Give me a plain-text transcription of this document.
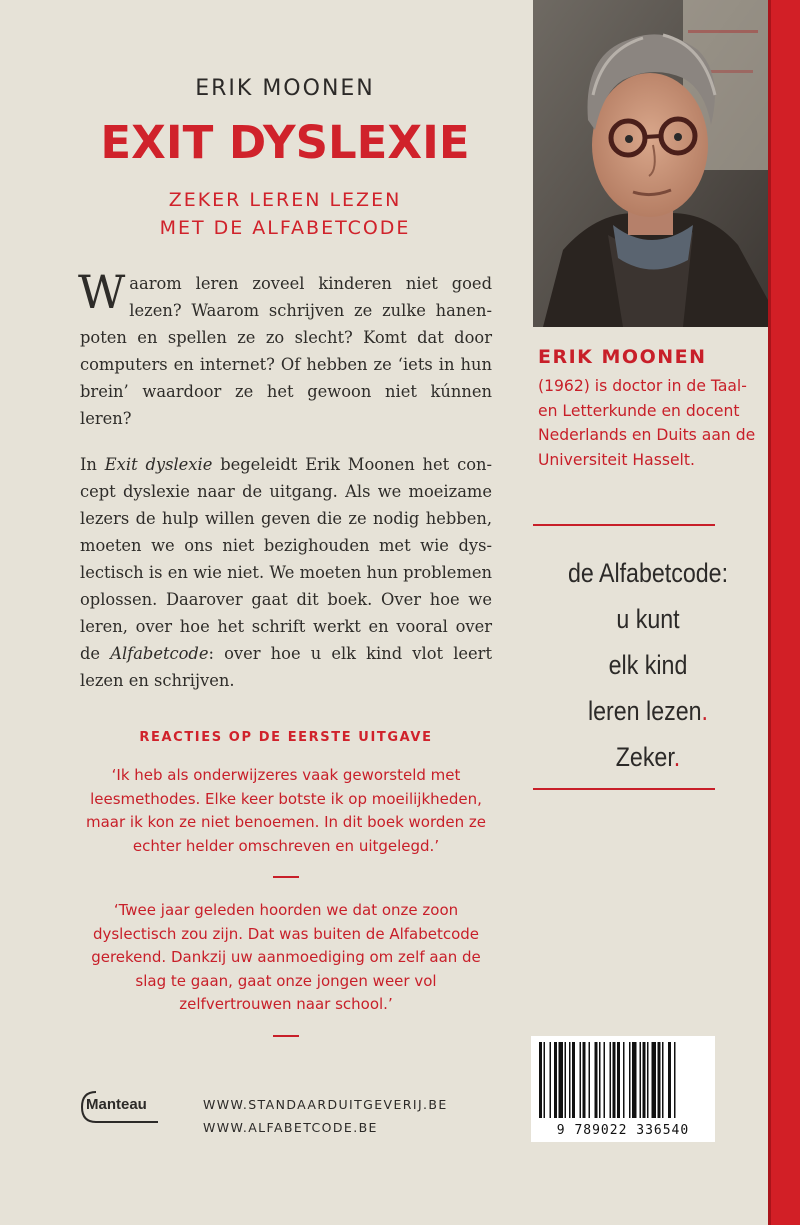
ERIK MOONEN
EXIT DYSLEXIE
ZEKER LEREN LEZEN
MET DE ALFABETCODE

Waarom leren zoveel kinderen niet goed lezen? Waarom schrijven ze zulke hanenpoten en spellen ze zo slecht? Komt dat door computers en internet? Of hebben ze ‘iets in hun brein’ waardoor ze het gewoon niet kúnnen leren?

In Exit dyslexie begeleidt Erik Moonen het concept dyslexie naar de uitgang. Als we moeizame lezers de hulp willen geven die ze nodig hebben, moeten we ons niet bezighouden met wie dyslectisch is en wie niet. We moeten hun problemen oplossen. Daarover gaat dit boek. Over hoe we leren, over hoe het schrift werkt en vooral over de Alfabetcode: over hoe u elk kind vlot leert lezen en schrijven.

REACTIES OP DE EERSTE UITGAVE
‘Ik heb als onderwijzeres vaak geworsteld met leesmethodes. Elke keer botste ik op moeilijkheden, maar ik kon ze niet benoemen. In dit boek worden ze echter helder omschreven en uitgelegd.’
‘Twee jaar geleden hoorden we dat onze zoon dyslectisch zou zijn. Dat was buiten de Alfabetcode gerekend. Dankzij uw aanmoediging om zelf aan de slag te gaan, gaat onze jongen weer vol zelfvertrouwen naar school.’
ERIK MOONEN
(1962) is doctor in de Taal- en Letterkunde en docent Nederlands en Duits aan de Universiteit Hasselt.
de Alfabetcode:
u kunt
elk kind
leren lezen.
Zeker.
Manteau	WWW.STANDAARDUITGEVERIJ.BE
WWW.ALFABETCODE.BE	9 789022 336540
